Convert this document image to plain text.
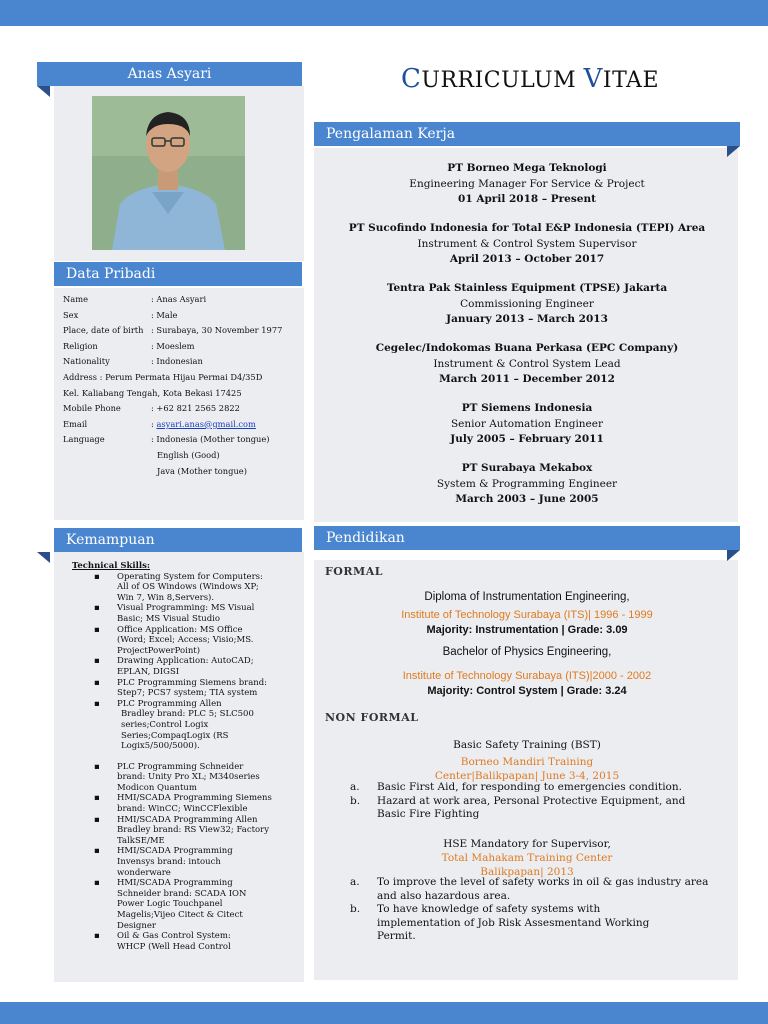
Anas Asyari	CURRICULUM VITAE
Data Pribadi
Name	: Anas Asyari
Sex	: Male
Place, date of birth : Surabaya, 30 November 1977
Religion	: Moeslem
Nationality	: Indonesian
Address : Perum Permata Hijau Permai D4/35D
Kel. Kaliabang Tengah, Kota Bekasi 17425
Mobile Phone	: +62 821 2565 2822
Email	: asyari.anas@gmail.com
Language	: Indonesia (Mother tongue)
English (Good)
Java (Mother tongue)
Pengalaman Kerja
PT Borneo Mega Teknologi
Engineering Manager For Service & Project
01 April 2018 – Present
PT Sucofindo Indonesia for Total E&P Indonesia (TEPI) Area
Instrument & Control System Supervisor
April 2013 – October 2017
Tentra Pak Stainless Equipment (TPSE) Jakarta
Commissioning Engineer
January 2013 – March 2013
Cegelec/Indokomas Buana Perkasa (EPC Company)
Instrument & Control System Lead
March 2011 – December 2012
PT Siemens Indonesia
Senior Automation Engineer
July 2005 – February 2011
PT Surabaya Mekabox
System & Programming Engineer
March 2003 – June 2005
Kemampuan
Technical Skills:
▪ Operating System for Computers:
All of OS Windows (Windows XP;
Win 7, Win 8,Servers).
▪ Visual Programming: MS Visual
Basic; MS Visual Studio
▪ Office Application: MS Office
(Word; Excel; Access; Visio;MS.
ProjectPowerPoint)
▪ Drawing Application: AutoCAD;
EPLAN, DIGSI
▪ PLC Programming Siemens brand:
Step7; PCS7 system; TIA system
▪ PLC Programming Allen
Bradley brand: PLC 5; SLC500
series;Control Logix
Series;CompaqLogix (RS
Logix5/500/5000).
▪ PLC Programming Schneider
brand: Unity Pro XL; M340series
Modicon Quantum
▪ HMI/SCADA Programming Siemens
brand: WinCC; WinCCFlexible
▪ HMI/SCADA Programming Allen
Bradley brand: RS View32; Factory
TalkSE/ME
▪ HMI/SCADA Programming
Invensys brand: intouch
wonderware
▪ HMI/SCADA Programming
Schneider brand: SCADA ION
Power Logic Touchpanel
Magelis;Vijeo Citect & Citect
Designer
▪ Oil & Gas Control System:
WHCP (Well Head Control
Pendidikan
FORMAL
Diploma of Instrumentation Engineering,
Institute of Technology Surabaya (ITS)| 1996 - 1999
Majority: Instrumentation | Grade: 3.09
Bachelor of Physics Engineering,
Institute of Technology Surabaya (ITS)|2000 - 2002
Majority: Control System | Grade: 3.24
NON FORMAL
Basic Safety Training (BST)
Borneo Mandiri Training
Center|Balikpapan| June 3-4, 2015
a. Basic First Aid, for responding to emergencies condition.
b. Hazard at work area, Personal Protective Equipment, and
Basic Fire Fighting
HSE Mandatory for Supervisor,
Total Mahakam Training Center
Balikpapan| 2013
a. To improve the level of safety works in oil & gas industry area
and also hazardous area.
b. To have knowledge of safety systems with
implementation of Job Risk Assesmentand Working
Permit.
